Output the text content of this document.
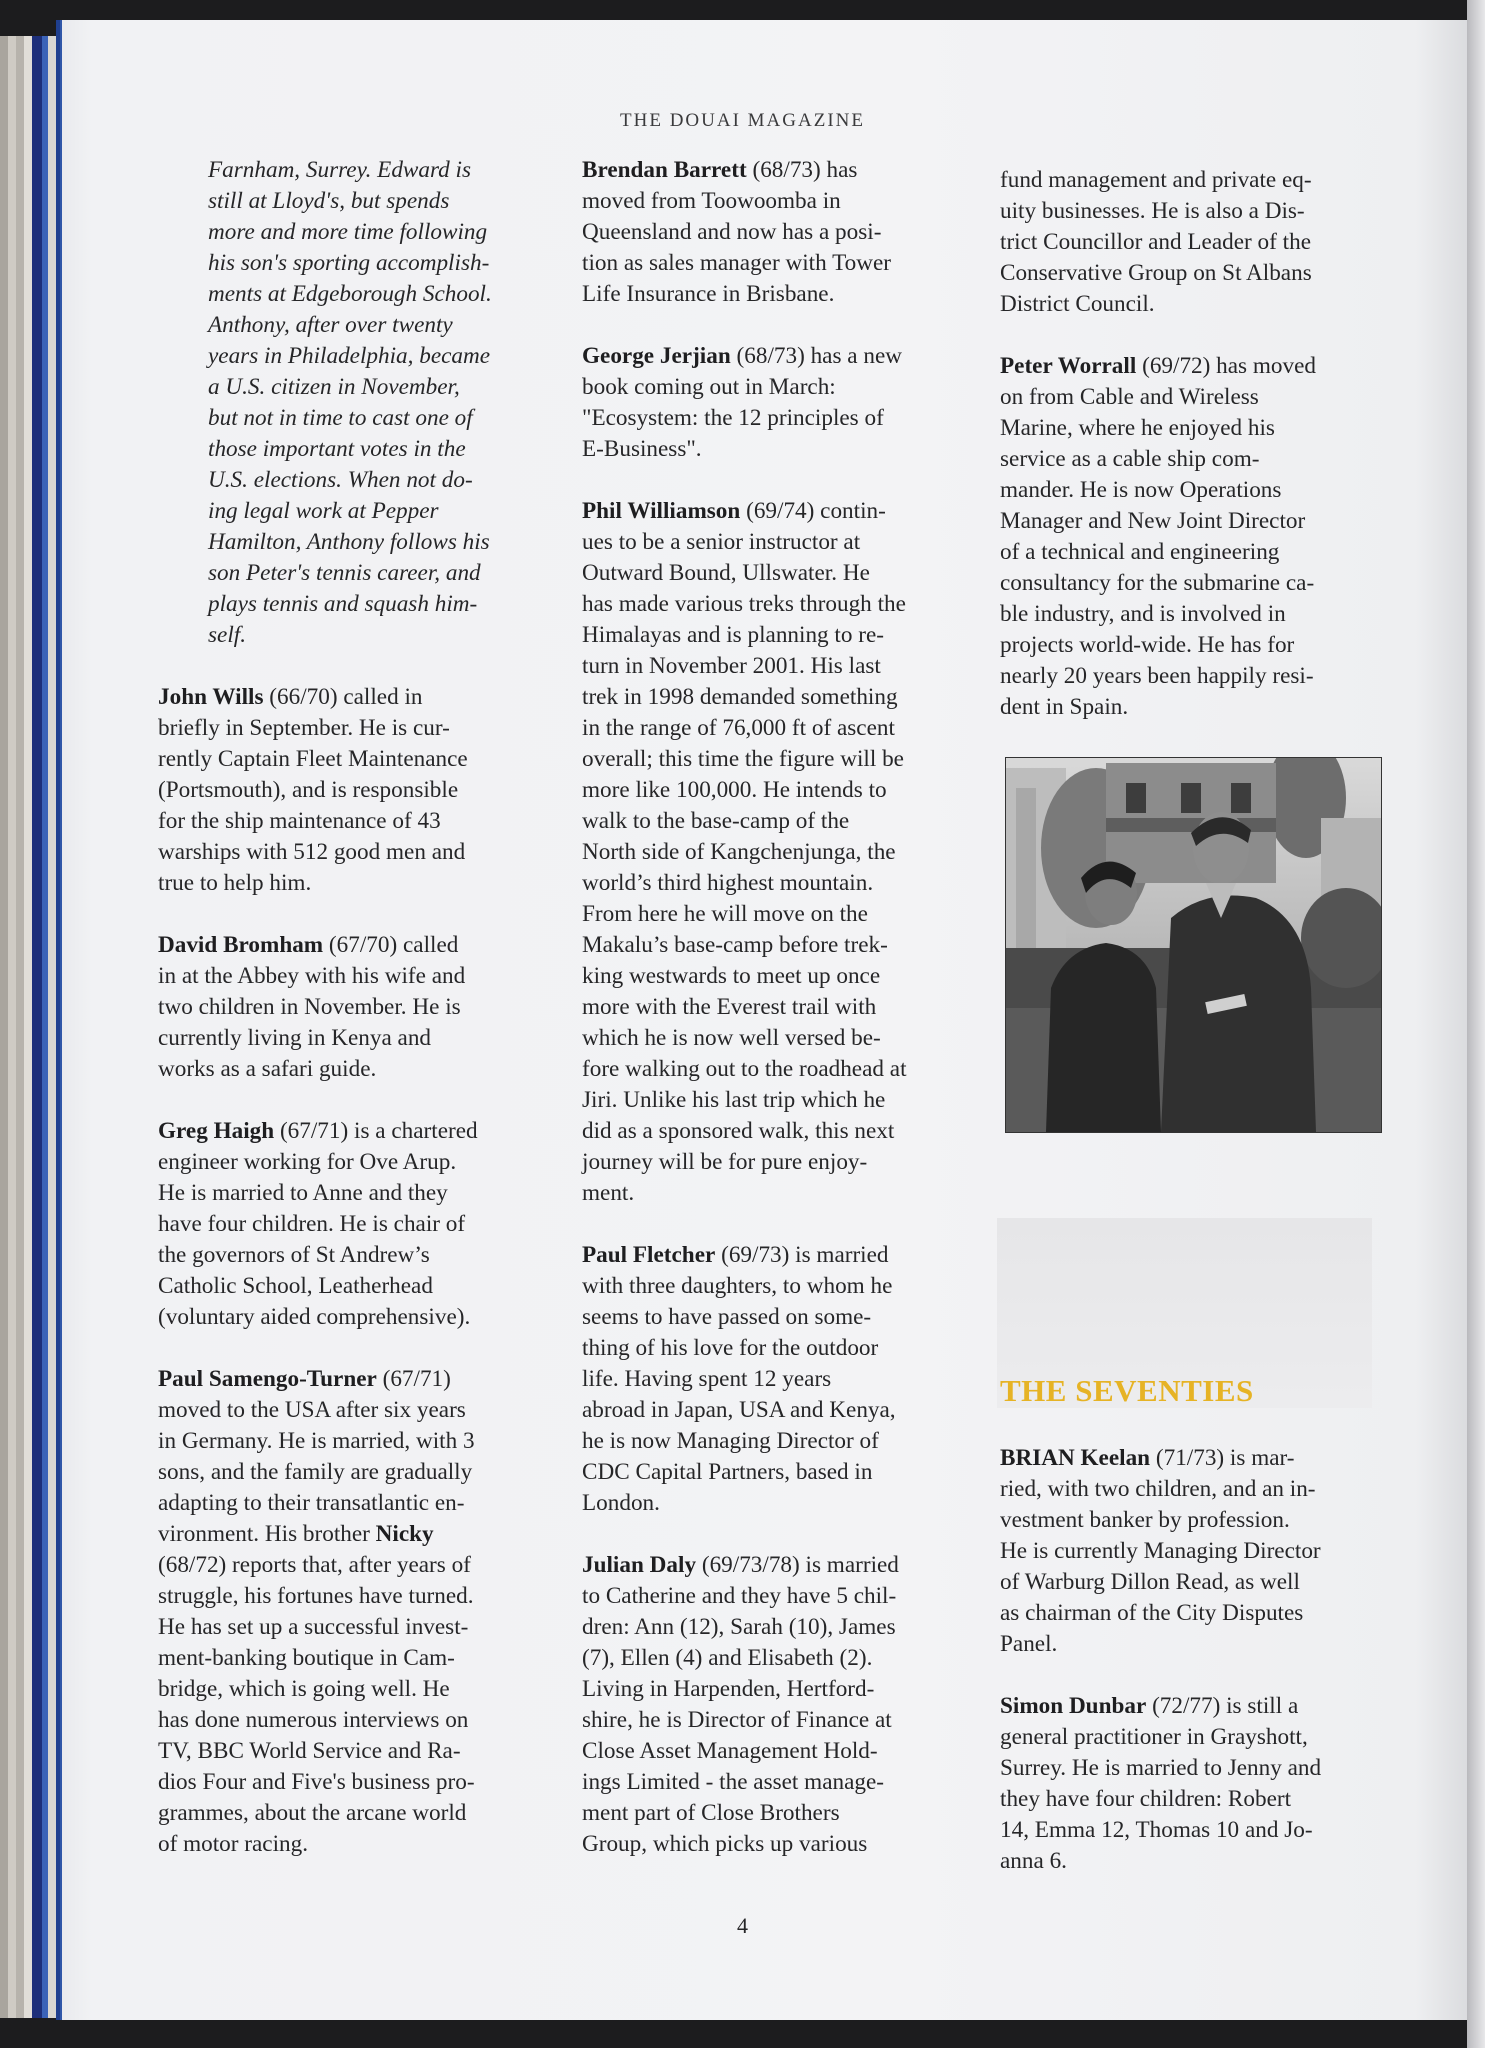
THE DOUAI MAGAZINE

Farnham, Surrey. Edward is

still at Lloyd's, but spends

more and more time following

his son's sporting accomplish-

ments at Edgeborough School.

Anthony, after over twenty

years in Philadelphia, became

a U.S. citizen in November,

but not in time to cast one of

those important votes in the

U.S. elections. When not do-

ing legal work at Pepper

Hamilton, Anthony follows his

son Peter's tennis career, and

plays tennis and squash him-

self.

John Wills (66/70) called in

briefly in September. He is cur-

rently Captain Fleet Maintenance

(Portsmouth), and is responsible

for the ship maintenance of 43

warships with 512 good men and

true to help him.

David Bromham (67/70) called

in at the Abbey with his wife and

two children in November. He is

currently living in Kenya and

works as a safari guide.

Greg Haigh (67/71) is a chartered

engineer working for Ove Arup.

He is married to Anne and they

have four children. He is chair of

the governors of St Andrew’s

Catholic School, Leatherhead

(voluntary aided comprehensive).

Paul Samengo-Turner (67/71)

moved to the USA after six years

in Germany. He is married, with 3

sons, and the family are gradually

adapting to their transatlantic en-

vironment. His brother Nicky

(68/72) reports that, after years of

struggle, his fortunes have turned.

He has set up a successful invest-

ment-banking boutique in Cam-

bridge, which is going well. He

has done numerous interviews on

TV, BBC World Service and Ra-

dios Four and Five's business pro-

grammes, about the arcane world

of motor racing.

Brendan Barrett (68/73) has

moved from Toowoomba in

Queensland and now has a posi-

tion as sales manager with Tower

Life Insurance in Brisbane.

George Jerjian (68/73) has a new

book coming out in March:

"Ecosystem: the 12 principles of

E-Business".

Phil Williamson (69/74) contin-

ues to be a senior instructor at

Outward Bound, Ullswater. He

has made various treks through the

Himalayas and is planning to re-

turn in November 2001. His last

trek in 1998 demanded something

in the range of 76,000 ft of ascent

overall; this time the figure will be

more like 100,000. He intends to

walk to the base-camp of the

North side of Kangchenjunga, the

world’s third highest mountain.

From here he will move on the

Makalu’s base-camp before trek-

king westwards to meet up once

more with the Everest trail with

which he is now well versed be-

fore walking out to the roadhead at

Jiri. Unlike his last trip which he

did as a sponsored walk, this next

journey will be for pure enjoy-

ment.

Paul Fletcher (69/73) is married

with three daughters, to whom he

seems to have passed on some-

thing of his love for the outdoor

life. Having spent 12 years

abroad in Japan, USA and Kenya,

he is now Managing Director of

CDC Capital Partners, based in

London.

Julian Daly (69/73/78) is married

to Catherine and they have 5 chil-

dren: Ann (12), Sarah (10), James

(7), Ellen (4) and Elisabeth (2).

Living in Harpenden, Hertford-

shire, he is Director of Finance at

Close Asset Management Hold-

ings Limited - the asset manage-

ment part of Close Brothers

Group, which picks up various

fund management and private eq-

uity businesses. He is also a Dis-

trict Councillor and Leader of the

Conservative Group on St Albans

District Council.

Peter Worrall (69/72) has moved

on from Cable and Wireless

Marine, where he enjoyed his

service as a cable ship com-

mander. He is now Operations

Manager and New Joint Director

of a technical and engineering

consultancy for the submarine ca-

ble industry, and is involved in

projects world-wide. He has for

nearly 20 years been happily resi-

dent in Spain.

THE SEVENTIES

BRIAN Keelan (71/73) is mar-

ried, with two children, and an in-

vestment banker by profession.

He is currently Managing Director

of Warburg Dillon Read, as well

as chairman of the City Disputes

Panel.

Simon Dunbar (72/77) is still a

general practitioner in Grayshott,

Surrey. He is married to Jenny and

they have four children: Robert

14, Emma 12, Thomas 10 and Jo-

anna 6.

4
